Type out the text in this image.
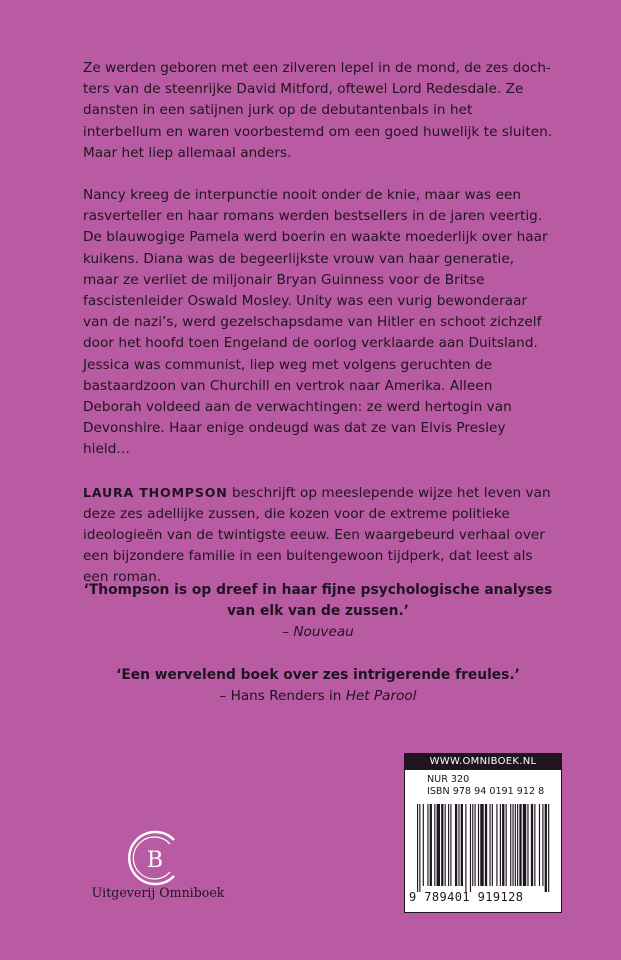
Ze werden geboren met een zilveren lepel in de mond, de zes dochters van de steenrijke David Mitford, oftewel Lord Redesdale. Ze dansten in een satijnen jurk op de debutantenbals in het interbellum en waren voorbestemd om een goed huwelijk te sluiten. Maar het liep allemaal anders.

Nancy kreeg de interpunctie nooit onder de knie, maar was een rasverteller en haar romans werden bestsellers in de jaren veertig. De blauwogige Pamela werd boerin en waakte moederlijk over haar kuikens. Diana was de begeerlijkste vrouw van haar generatie, maar ze verliet de miljonair Bryan Guinness voor de Britse fascistenleider Oswald Mosley. Unity was een vurig bewonderaar van de nazi’s, werd gezelschapsdame van Hitler en schoot zichzelf door het hoofd toen Engeland de oorlog verklaarde aan Duitsland. Jessica was communist, liep weg met volgens geruchten de bastaardzoon van Churchill en vertrok naar Amerika. Alleen Deborah voldeed aan de verwachtingen: ze werd hertogin van Devonshire. Haar enige ondeugd was dat ze van Elvis Presley hield…

LAURA THOMPSON beschrijft op meeslepende wijze het leven van deze zes adellijke zussen, die kozen voor de extreme politieke ideologieën van de twintigste eeuw. Een waargebeurd verhaal over een bijzondere familie in een buitengewoon tijdperk, dat leest als een roman.

‘Thompson is op dreef in haar fijne psychologische analyses van elk van de zussen.’
– Nouveau
‘Een wervelend boek over zes intrigerende freules.’
– Hans Renders in Het Parool
B
Uitgeverij Omniboek
WWW.OMNIBOEK.NL
NUR 320
ISBN 978 94 0191 912 8
9 789401 919128
